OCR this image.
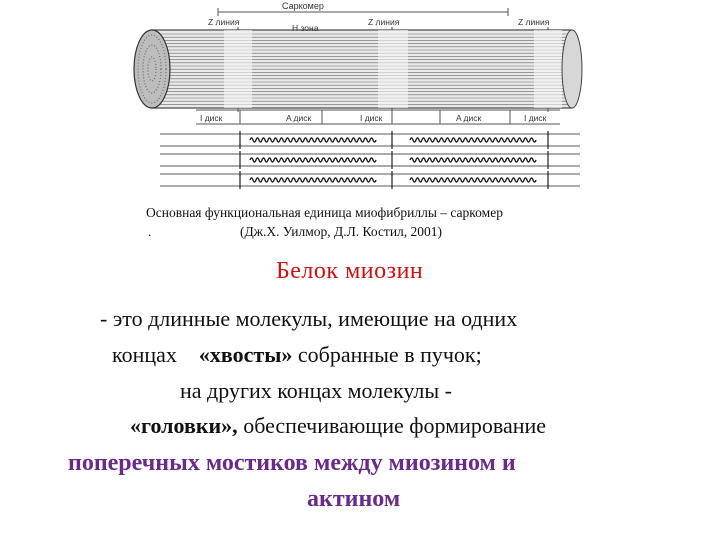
Саркомер
Z линия
H зона
Z линия	Z линия
I диск	A диск	I диск	A диск	I диск
Основная функциональная единица миофибриллы – саркомер
.	(Дж.Х. Уилмор, Д.Л. Костил, 2001)
Белок миозин
- это длинные молекулы, имеющие на одних
концах    «хвосты» собранные в пучок;
на других концах молекулы -
«головки», обеспечивающие формирование
поперечных мостиков между миозином и
актином
